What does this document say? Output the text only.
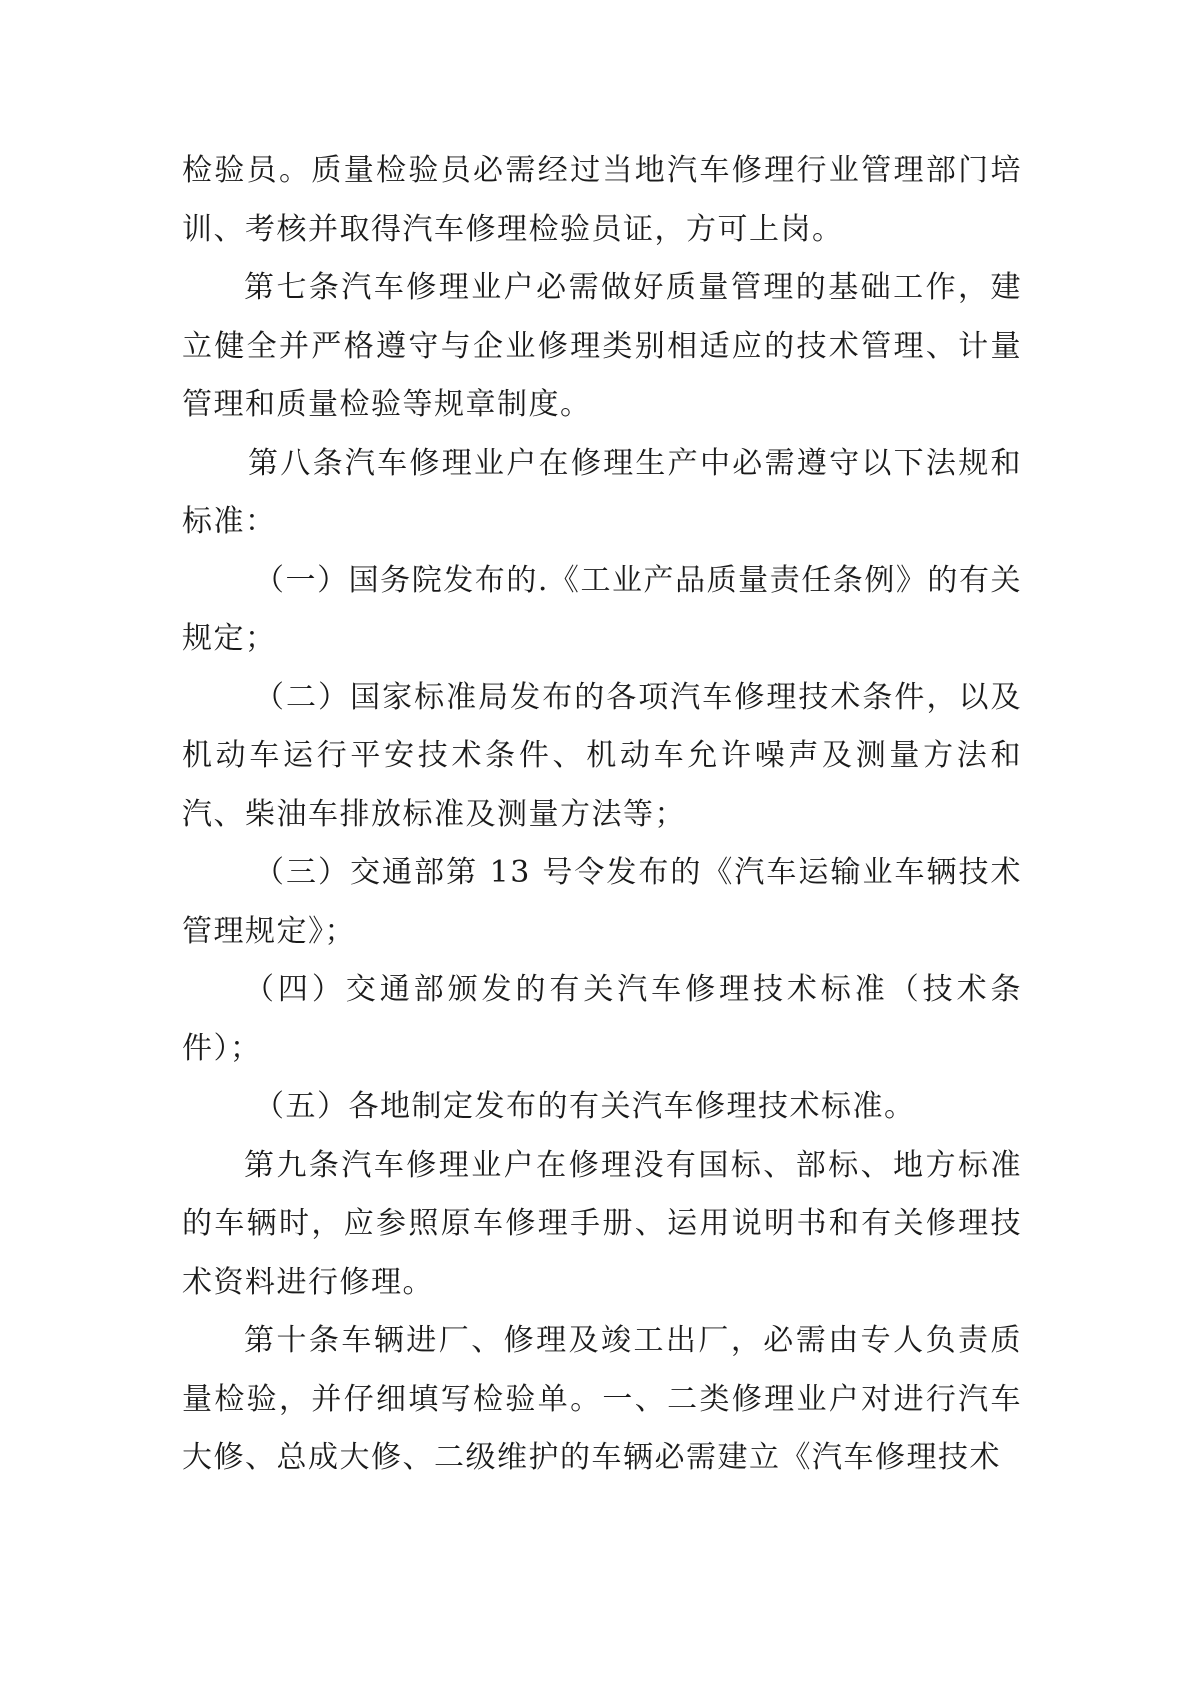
检验员。质量检验员必需经过当地汽车修理行业管理部门培训、考核并取得汽车修理检验员证，方可上岗。

第七条汽车修理业户必需做好质量管理的基础工作，建立健全并严格遵守与企业修理类别相适应的技术管理、计量管理和质量检验等规章制度。

第八条汽车修理业户在修理生产中必需遵守以下法规和标准：

（一）国务院发布的.《工业产品质量责任条例》的有关规定；

（二）国家标准局发布的各项汽车修理技术条件，以及机动车运行平安技术条件、机动车允许噪声及测量方法和汽、柴油车排放标准及测量方法等；

（三）交通部第 13 号令发布的《汽车运输业车辆技术管理规定》；

（四）交通部颁发的有关汽车修理技术标准（技术条件）；

（五）各地制定发布的有关汽车修理技术标准。

第九条汽车修理业户在修理没有国标、部标、地方标准的车辆时，应参照原车修理手册、运用说明书和有关修理技术资料进行修理。

第十条车辆进厂、修理及竣工出厂，必需由专人负责质量检验，并仔细填写检验单。一、二类修理业户对进行汽车大修、总成大修、二级维护的车辆必需建立《汽车修理技术
